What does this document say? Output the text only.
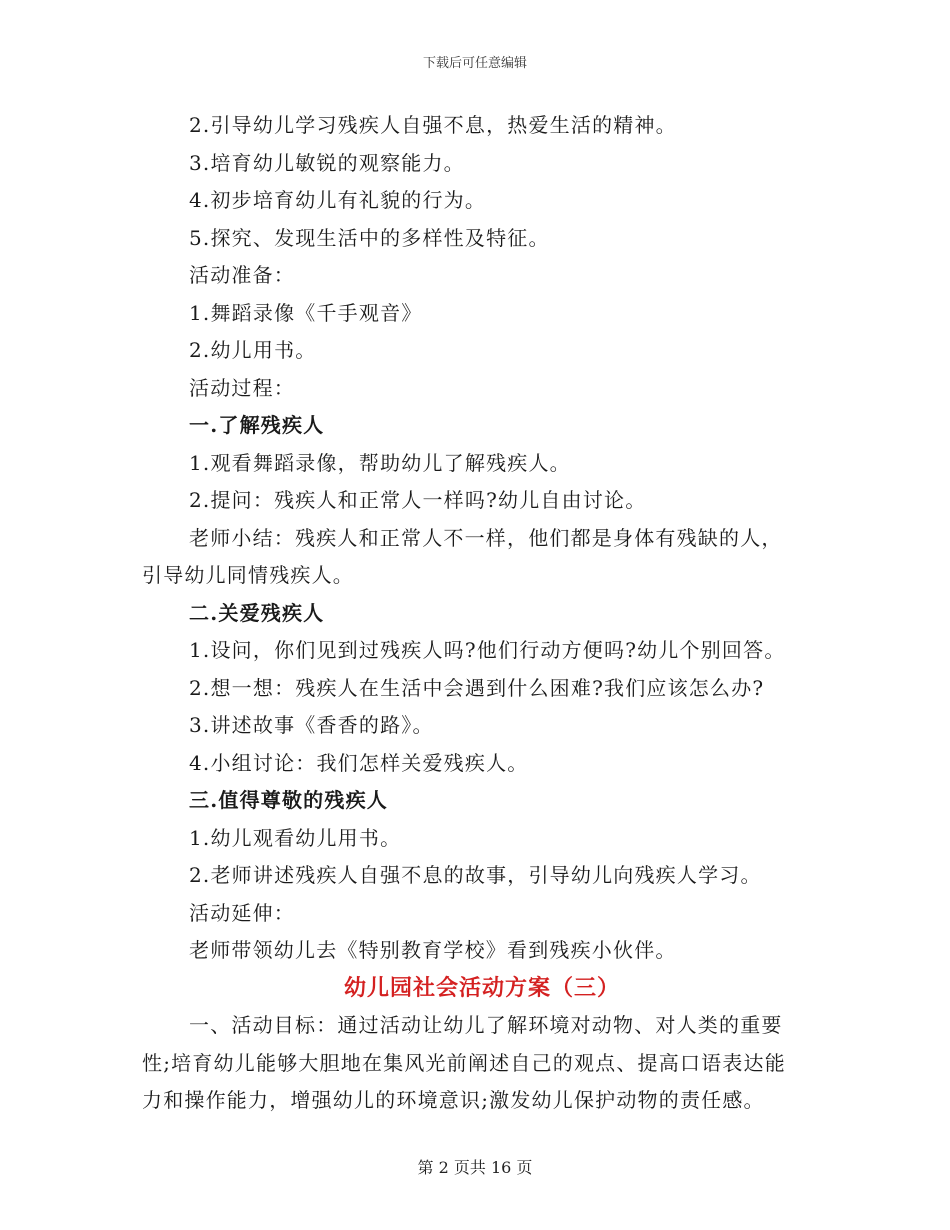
下载后可任意编辑
2.引导幼儿学习残疾人自强不息，热爱生活的精神。
3.培育幼儿敏锐的观察能力。
4.初步培育幼儿有礼貌的行为。
5.探究、发现生活中的多样性及特征。
活动准备：
1.舞蹈录像《千手观音》
2.幼儿用书。
活动过程：
一.了解残疾人
1.观看舞蹈录像，帮助幼儿了解残疾人。
2.提问：残疾人和正常人一样吗?幼儿自由讨论。
老师小结：残疾人和正常人不一样，他们都是身体有残缺的人，
引导幼儿同情残疾人。
二.关爱残疾人
1.设问，你们见到过残疾人吗?他们行动方便吗?幼儿个别回答。
2.想一想：残疾人在生活中会遇到什么困难?我们应该怎么办?
3.讲述故事《香香的路》。
4.小组讨论：我们怎样关爱残疾人。
三.值得尊敬的残疾人
1.幼儿观看幼儿用书。
2.老师讲述残疾人自强不息的故事，引导幼儿向残疾人学习。
活动延伸：
老师带领幼儿去《特别教育学校》看到残疾小伙伴。
幼儿园社会活动方案（三）
一、活动目标：通过活动让幼儿了解环境对动物、对人类的重要
性;培育幼儿能够大胆地在集风光前阐述自己的观点、提高口语表达能
力和操作能力，增强幼儿的环境意识;激发幼儿保护动物的责任感。
第 2 页共 16 页
